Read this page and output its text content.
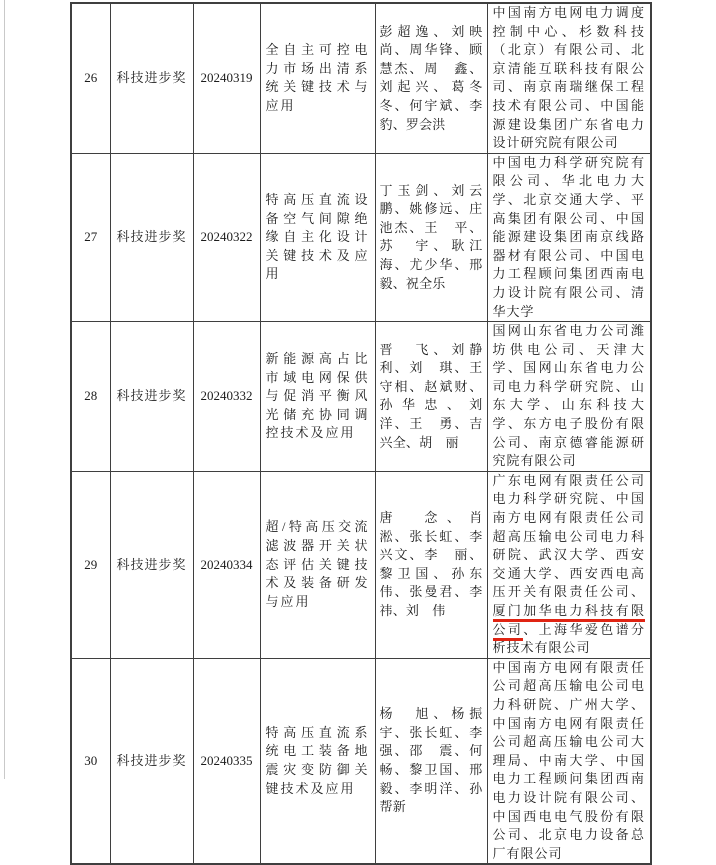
26	科技进步奖	20240319	全自主可控电力市场出清系统关键技术与应用	彭超逸、刘映尚、周华锋、顾慧杰、周　鑫、刘起兴、葛冬冬、何宇斌、李　豹、罗会洪	中国南方电网电力调度控制中心、杉数科技（北京）有限公司、北京清能互联科技有限公司、南京南瑞继保工程技术有限公司、中国能源建设集团广东省电力设计研究院有限公司
27	科技进步奖	20240322	特高压直流设备空气间隙绝缘自主化设计关键技术及应用	丁玉剑、刘云鹏、姚修远、庄池杰、王　平、苏　宇、耿江海、尤少华、邢　毅、祝全乐	中国电力科学研究院有限公司、华北电力大学、北京交通大学、平高集团有限公司、中国能源建设集团南京线路器材有限公司、中国电力工程顾问集团西南电力设计院有限公司、清华大学
28	科技进步奖	20240332	新能源高占比市域电网保供与促消平衡风光储充协同调控技术及应用	晋　飞、刘静利、刘　琪、王守相、赵斌财、孙华忠、刘　洋、王　勇、吉兴全、胡　丽	国网山东省电力公司潍坊供电公司、天津大学、国网山东省电力公司电力科学研究院、山东大学、山东科技大学、东方电子股份有限公司、南京德睿能源研究院有限公司
29	科技进步奖	20240334	超/特高压交流滤波器开关状态评估关键技术及装备研发与应用	唐　念、肖　淞、张长虹、李兴文、李　丽、黎卫国、孙东伟、张曼君、李　祎、刘　伟	广东电网有限责任公司电力科学研究院、中国南方电网有限责任公司超高压输电公司电力科研院、武汉大学、西安交通大学、西安西电高压开关有限责任公司、厦门加华电力科技有限公司、上海华爱色谱分析技术有限公司
30	科技进步奖	20240335	特高压直流系统电工装备地震灾变防御关键技术及应用	杨　旭、杨振宇、张长虹、李　强、邵　震、何　畅、黎卫国、邢　毅、李明洋、孙帮新	中国南方电网有限责任公司超高压输电公司电力科研院、广州大学、中国南方电网有限责任公司超高压输电公司大理局、中南大学、中国电力工程顾问集团西南电力设计院有限公司、中国西电电气股份有限公司、北京电力设备总厂有限公司
